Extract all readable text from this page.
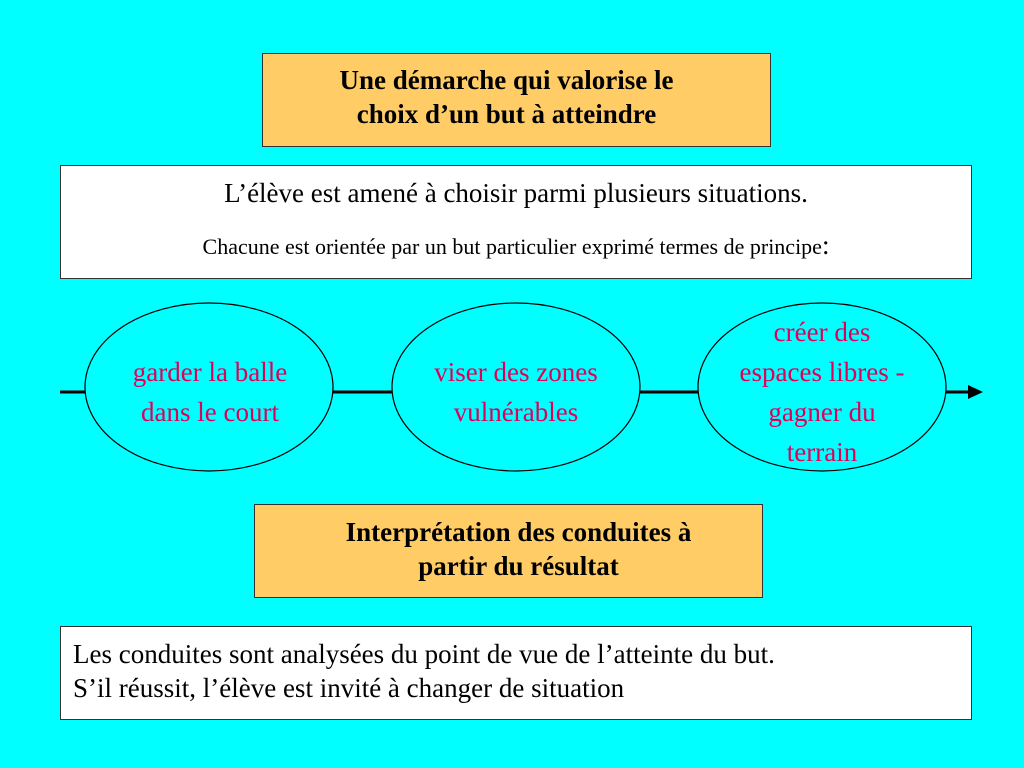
Une démarche qui valorise le
choix d’un but à atteindre
L’élève est amené à choisir parmi plusieurs situations.
Chacune est orientée par un but particulier exprimé termes de principe:
garder la balle
dans le court
viser des zones
vulnérables
créer des
espaces libres -
gagner du
terrain
Interprétation des conduites à
partir du résultat
Les conduites sont analysées du point de vue de l’atteinte du but.
S’il réussit, l’élève est invité à changer de situation
